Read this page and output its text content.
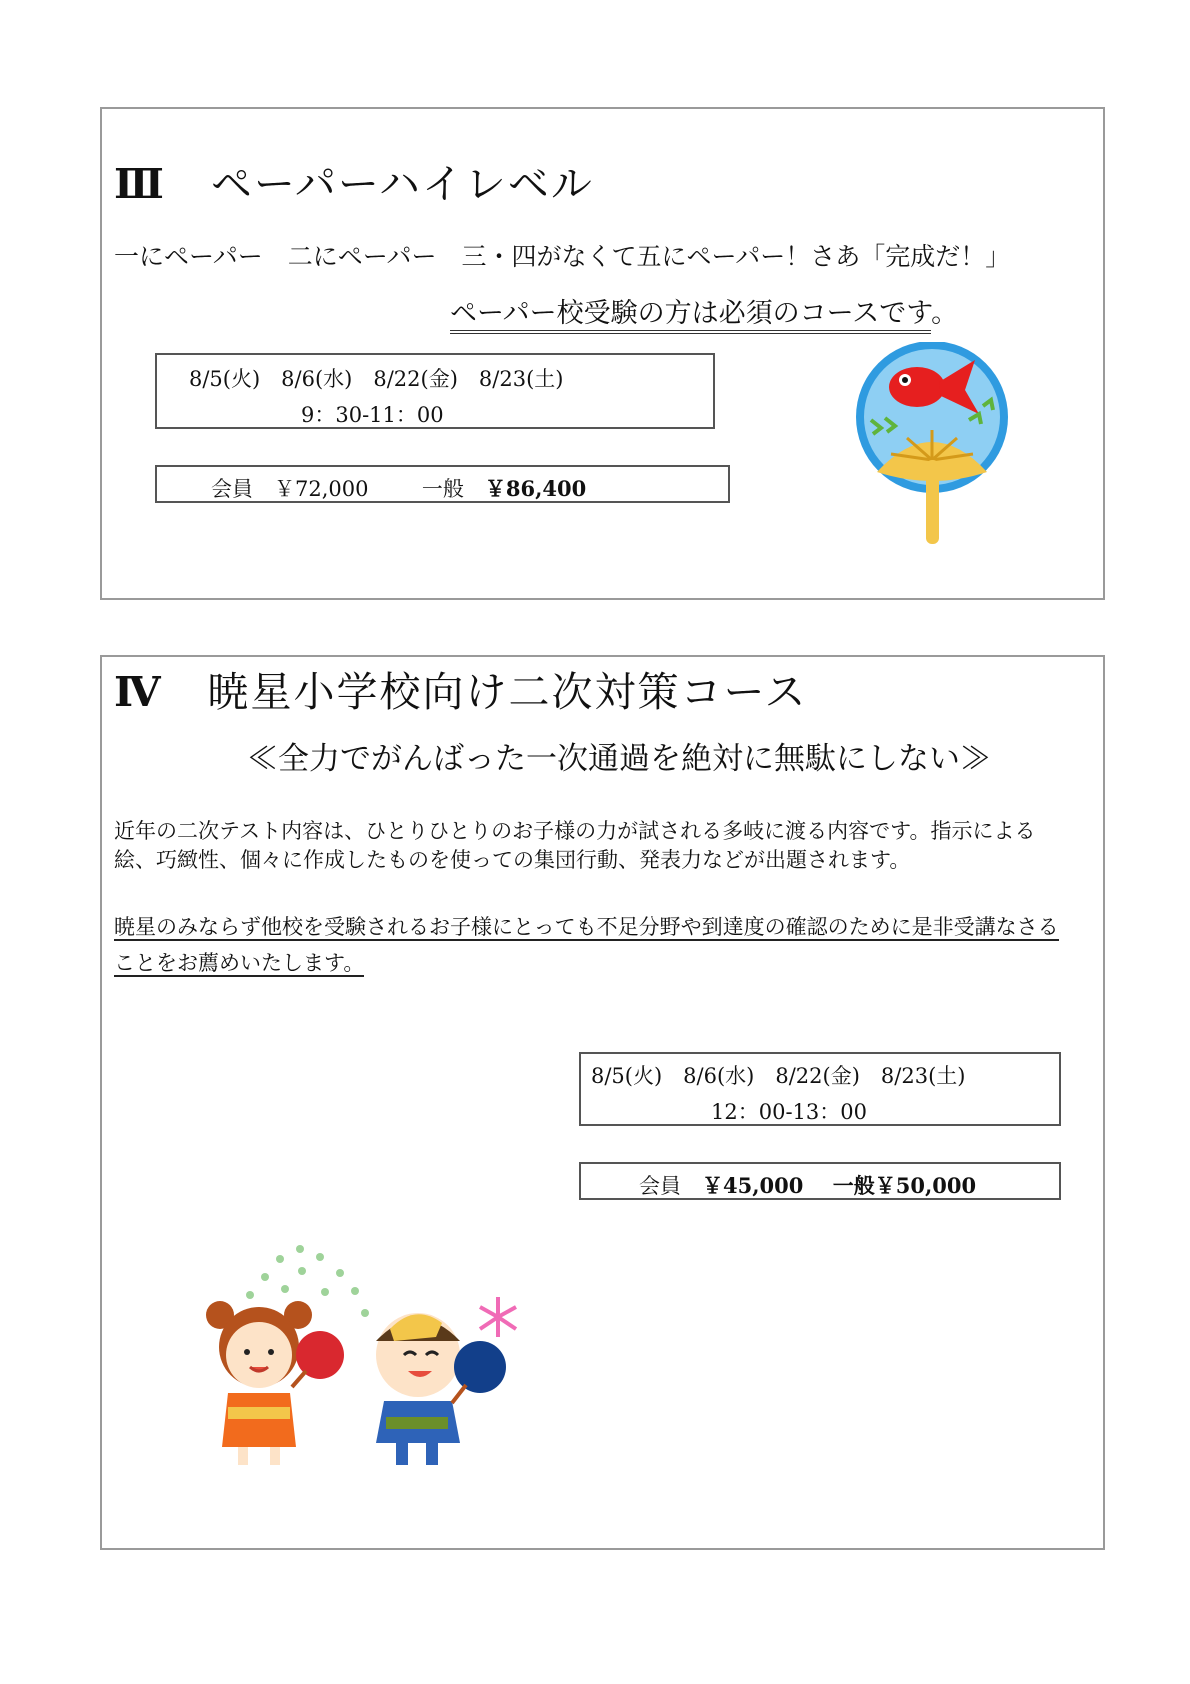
Ⅲ ペーパーハイレベル
一にペーパー　二にペーパー　三・四がなくて五にペーパー！さあ「完成だ！」
ペーパー校受験の方は必須のコースです。
8/5(火)　8/6(水)　8/22(金)　8/23(土)
9：30-11：00
会員　 ￥72,000	一般　 ￥86,400
Ⅳ 暁星小学校向け二次対策コース
≪全力でがんばった一次通過を絶対に無駄にしない≫
近年の二次テスト内容は、ひとりひとりのお子様の力が試される多岐に渡る内容です。指示による
絵、巧緻性、個々に作成したものを使っての集団行動、発表力などが出題されます。
暁星のみならず他校を受験されるお子様にとっても不足分野や到達度の確認のために是非受講なさる
ことをお薦めいたします。
8/5(火)　8/6(水)　8/22(金)　8/23(土)
12：00-13：00
会員　 ￥45,000 一般￥50,000
